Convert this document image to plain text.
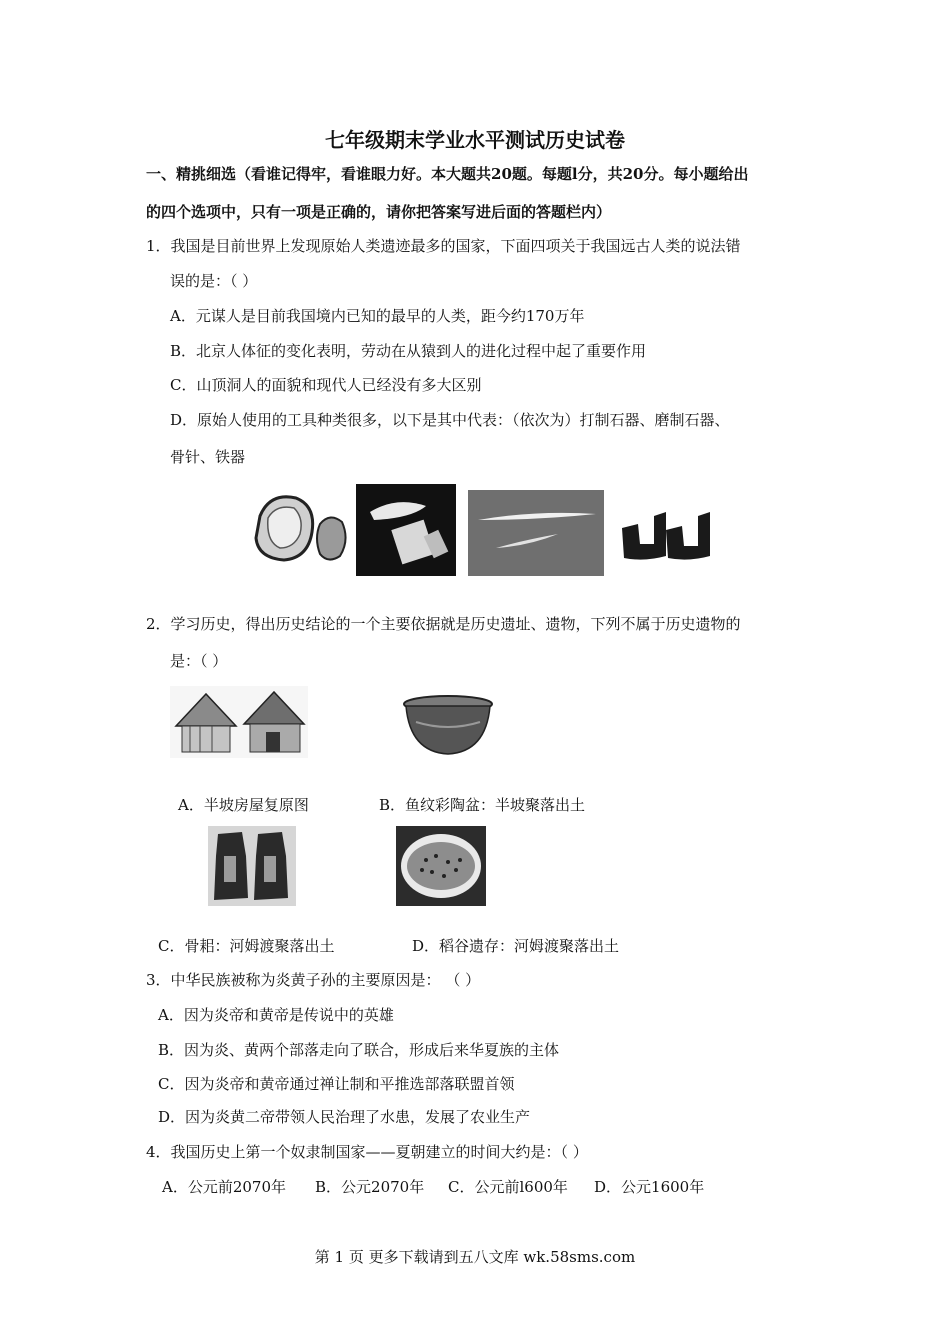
七年级期末学业水平测试历史试卷
一、精挑细选（看谁记得牢，看谁眼力好。本大题共20题。每题l分，共20分。每小题给出
的四个选项中，只有一项是正确的，请你把答案写进后面的答题栏内）
1．我国是目前世界上发现原始人类遗迹最多的国家，下面四项关于我国远古人类的说法错
误的是：（ ）
A．元谋人是目前我国境内已知的最早的人类，距今约170万年
B．北京人体征的变化表明，劳动在从猿到人的进化过程中起了重要作用
C．山顶洞人的面貌和现代人已经没有多大区别
D．原始人使用的工具种类很多，以下是其中代表：（依次为）打制石器、磨制石器、
骨针、铁器
2．学习历史，得出历史结论的一个主要依据就是历史遗址、遗物，下列不属于历史遗物的
是：（ ）
A．半坡房屋复原图	B．鱼纹彩陶盆：半坡聚落出土
C．骨耜：河姆渡聚落出土	D．稻谷遗存：河姆渡聚落出土
3．中华民族被称为炎黄子孙的主要原因是： （ ）
A．因为炎帝和黄帝是传说中的英雄
B．因为炎、黄两个部落走向了联合，形成后来华夏族的主体
C．因为炎帝和黄帝通过禅让制和平推选部落联盟首领
D．因为炎黄二帝带领人民治理了水患，发展了农业生产
4．我国历史上第一个奴隶制国家——夏朝建立的时间大约是：（ ）
A．公元前2070年 B．公元2070年 C．公元前l600年 D．公元1600年
第 1 页 更多下载请到五八文库 wk.58sms.com
